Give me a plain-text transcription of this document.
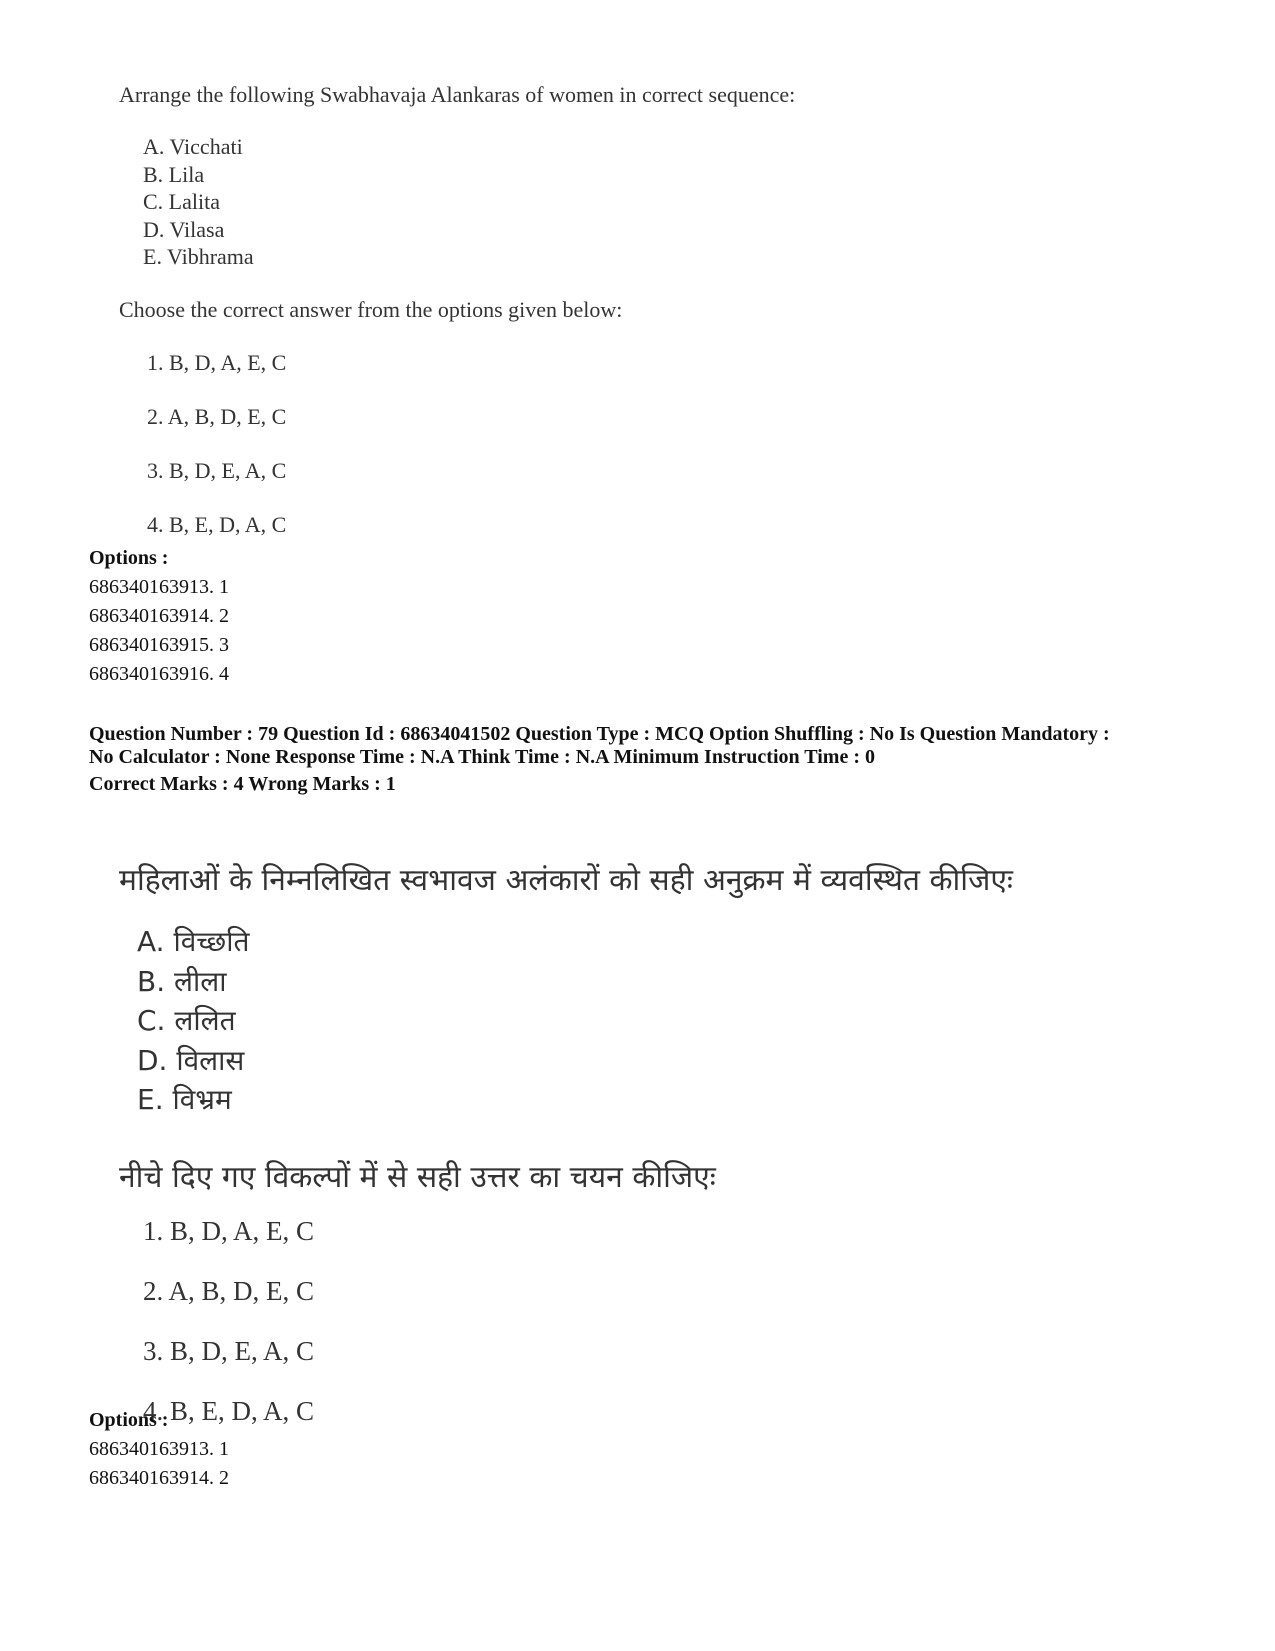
Arrange the following Swabhavaja Alankaras of women in correct sequence:
A. Vicchati
B. Lila
C. Lalita
D. Vilasa
E. Vibhrama
Choose the correct answer from the options given below:
1. B, D, A, E, C
2. A, B, D, E, C
3. B, D, E, A, C
4. B, E, D, A, C
Options :
686340163913. 1
686340163914. 2
686340163915. 3
686340163916. 4
Question Number : 79 Question Id : 68634041502 Question Type : MCQ Option Shuffling : No Is Question Mandatory :
No Calculator : None Response Time : N.A Think Time : N.A Minimum Instruction Time : 0
Correct Marks : 4 Wrong Marks : 1
महिलाओं के निम्नलिखित स्वभावज अलंकारों को सही अनुक्रम में व्यवस्थित कीजिएः
A. विच्छति
B. लीला
C. ललित
D. विलास
E. विभ्रम
नीचे दिए गए विकल्पों में से सही उत्तर का चयन कीजिएः
1. B, D, A, E, C
2. A, B, D, E, C
3. B, D, E, A, C
4. B, E, D, A, C
Options :
686340163913. 1
686340163914. 2
